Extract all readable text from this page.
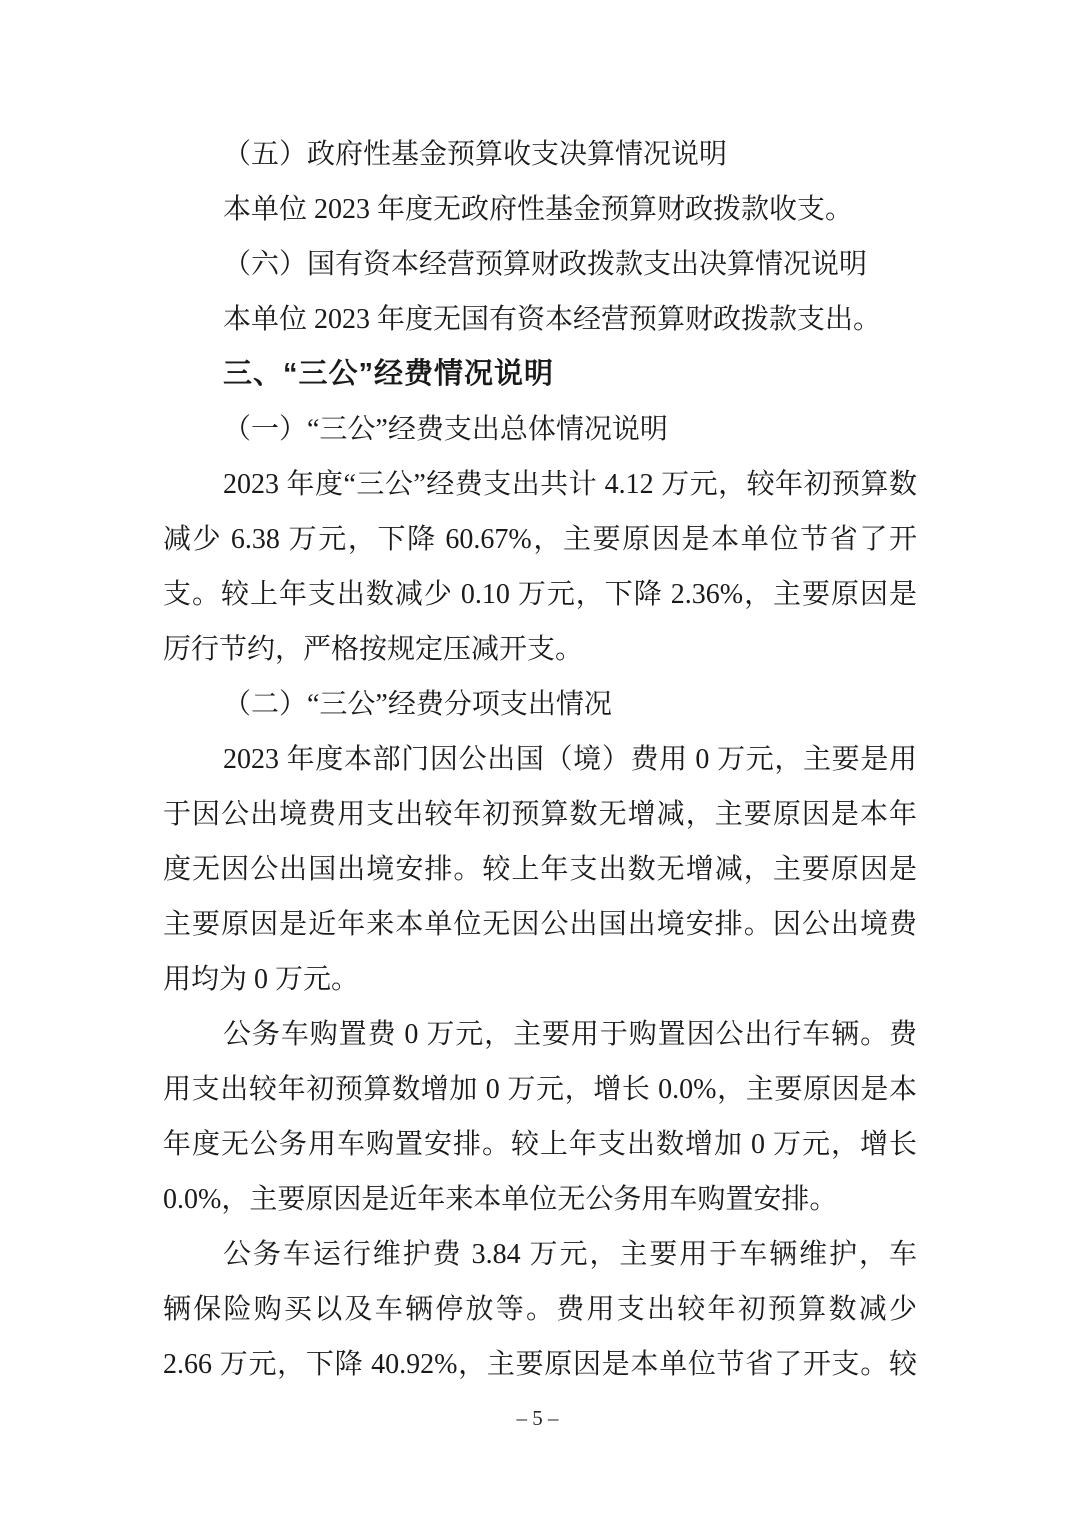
（五）政府性基金预算收支决算情况说明

本单位 2023 年度无政府性基金预算财政拨款收支。

（六）国有资本经营预算财政拨款支出决算情况说明

本单位 2023 年度无国有资本经营预算财政拨款支出。

三、“三公”经费情况说明

（一）“三公”经费支出总体情况说明

2023 年度“三公”经费支出共计 4.12 万元，较年初预算数
减少 6.38 万元，下降 60.67%，主要原因是本单位节省了开
支。较上年支出数减少 0.10 万元，下降 2.36%，主要原因是
厉行节约，严格按规定压减开支。

（二）“三公”经费分项支出情况

2023 年度本部门因公出国（境）费用 0 万元，主要是用
于因公出境费用支出较年初预算数无增减，主要原因是本年
度无因公出国出境安排。较上年支出数无增减，主要原因是
主要原因是近年来本单位无因公出国出境安排。因公出境费
用均为 0 万元。

公务车购置费 0 万元，主要用于购置因公出行车辆。费
用支出较年初预算数增加 0 万元，增长 0.0%，主要原因是本
年度无公务用车购置安排。较上年支出数增加 0 万元，增长
0.0%，主要原因是近年来本单位无公务用车购置安排。

公务车运行维护费 3.84 万元，主要用于车辆维护，车
辆保险购买以及车辆停放等。费用支出较年初预算数减少
2.66 万元，下降 40.92%，主要原因是本单位节省了开支。较

– 5 –
